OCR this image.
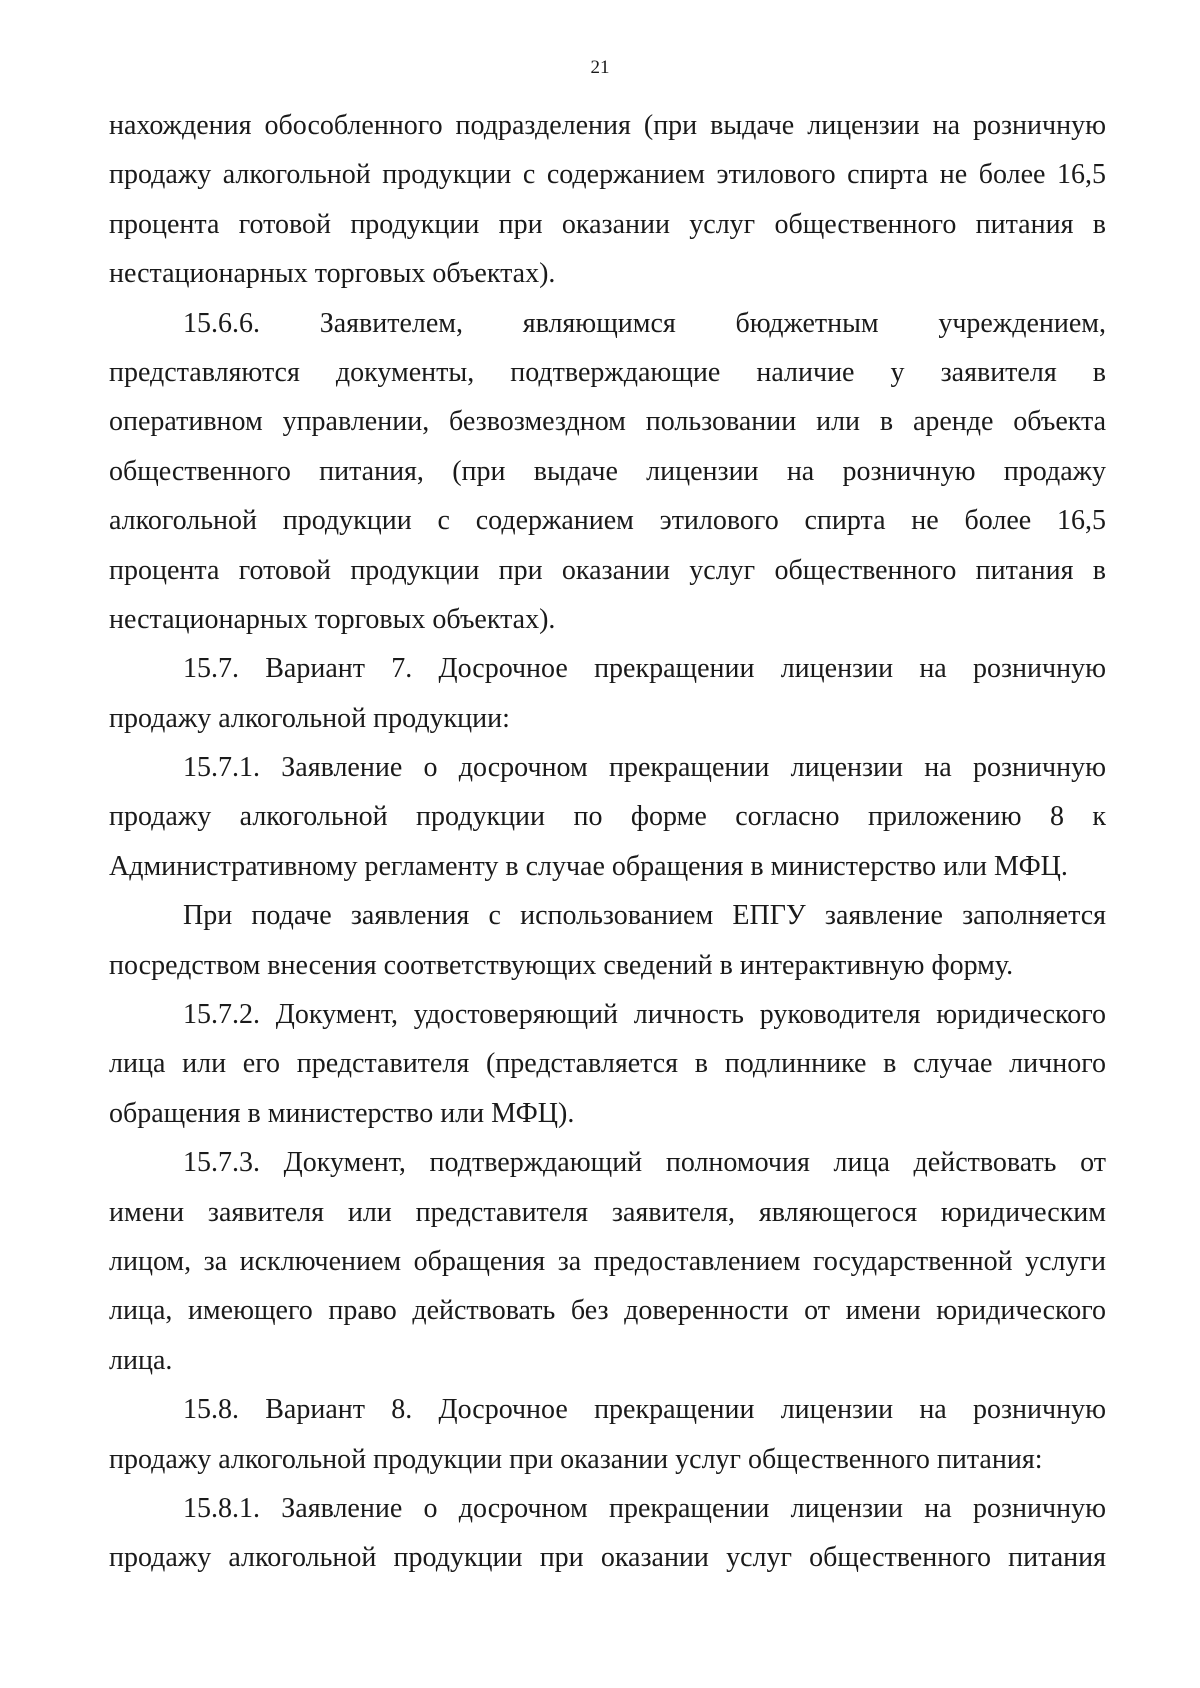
21
нахождения обособленного подразделения (при выдаче лицензии на розничную
продажу алкогольной продукции с содержанием этилового спирта не более 16,5
процента готовой продукции при оказании услуг общественного питания в
нестационарных торговых объектах).
15.6.6. Заявителем, являющимся бюджетным учреждением,
представляются документы, подтверждающие наличие у заявителя в
оперативном управлении, безвозмездном пользовании или в аренде объекта
общественного питания, (при выдаче лицензии на розничную продажу
алкогольной продукции с содержанием этилового спирта не более 16,5
процента готовой продукции при оказании услуг общественного питания в
нестационарных торговых объектах).
15.7. Вариант 7. Досрочное прекращении лицензии на розничную
продажу алкогольной продукции:
15.7.1. Заявление о досрочном прекращении лицензии на розничную
продажу алкогольной продукции по форме согласно приложению 8 к
Административному регламенту в случае обращения в министерство или МФЦ.
При подаче заявления с использованием ЕПГУ заявление заполняется
посредством внесения соответствующих сведений в интерактивную форму.
15.7.2. Документ, удостоверяющий личность руководителя юридического
лица или его представителя (представляется в подлиннике в случае личного
обращения в министерство или МФЦ).
15.7.3. Документ, подтверждающий полномочия лица действовать от
имени заявителя или представителя заявителя, являющегося юридическим
лицом, за исключением обращения за предоставлением государственной услуги
лица, имеющего право действовать без доверенности от имени юридического
лица.
15.8. Вариант 8. Досрочное прекращении лицензии на розничную
продажу алкогольной продукции при оказании услуг общественного питания:
15.8.1. Заявление о досрочном прекращении лицензии на розничную
продажу алкогольной продукции при оказании услуг общественного питания
